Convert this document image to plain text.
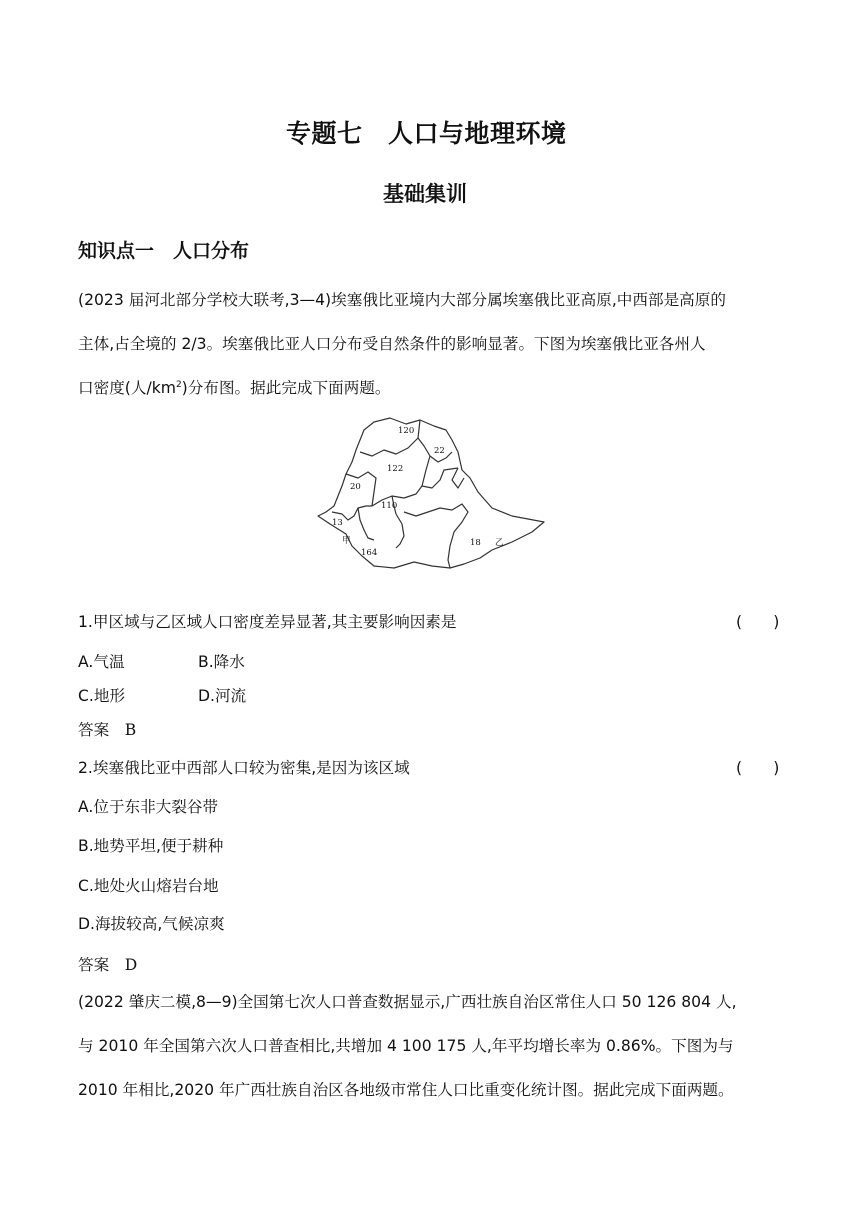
专题七　人口与地理环境
基础集训
知识点一　人口分布
(2023 届河北部分学校大联考,3—4)埃塞俄比亚境内大部分属埃塞俄比亚高原,中西部是高原的
主体,占全境的 2/3。埃塞俄比亚人口分布受自然条件的影响显著。下图为埃塞俄比亚各州人
口密度(人$/km^2$)分布图。据此完成下面两题。
120
22
122
20
110
13
甲
164
18 乙
1.甲区域与乙区域人口密度差异显著,其主要影响因素是	(　　)
A.气温	B.降水
C.地形	D.河流
答案　B
2.埃塞俄比亚中西部人口较为密集,是因为该区域	(　　)
A.位于东非大裂谷带
B.地势平坦,便于耕种
C.地处火山熔岩台地
D.海拔较高,气候凉爽
答案　D
(2022 肇庆二模,8—9)全国第七次人口普查数据显示,广西壮族自治区常住人口 50 126 804 人,
与 2010 年全国第六次人口普查相比,共增加 4 100 175 人,年平均增长率为 0.86%。下图为与
2010 年相比,2020 年广西壮族自治区各地级市常住人口比重变化统计图。据此完成下面两题。
